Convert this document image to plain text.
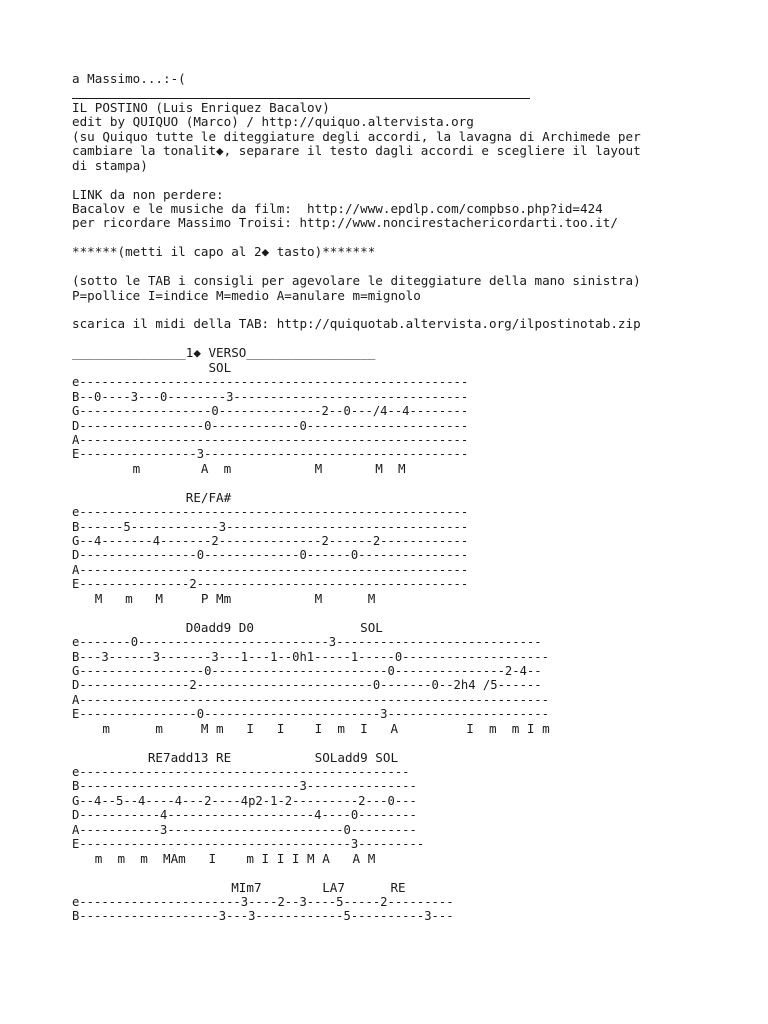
a Massimo...:-(
IL POSTINO (Luis Enriquez Bacalov)
edit by QUIQUO (Marco) / http://quiquo.altervista.org
(su Quiquo tutte le diteggiature degli accordi, la lavagna di Archimede per
cambiare la tonalit◆, separare il testo dagli accordi e scegliere il layout
di stampa)
LINK da non perdere:
Bacalov e le musiche da film:  http://www.epdlp.com/compbso.php?id=424
per ricordare Massimo Troisi: http://www.noncirestachericordarti.too.it/
******(metti il capo al 2◆ tasto)*******
(sotto le TAB i consigli per agevolare le diteggiature della mano sinistra)
P=pollice I=indice M=medio A=anulare m=mignolo
scarica il midi della TAB: http://quiquotab.altervista.org/ilpostinotab.zip
_______________1◆ VERSO_________________
SOL
e-----------------------------------------------------
B--0----3---0--------3--------------------------------
G------------------0--------------2--0---/4--4--------
D-----------------0------------0----------------------
A-----------------------------------------------------
E----------------3------------------------------------
m        A  m           M       M  M
RE/FA#
e-----------------------------------------------------
B------5------------3---------------------------------
G--4-------4-------2--------------2------2------------
D----------------0-------------0------0---------------
A-----------------------------------------------------
E---------------2-------------------------------------
M   m   M     P Mm           M      M
D0add9 D0              SOL
e-------0--------------------------3----------------------------
B---3------3-------3---1---1--0h1-----1-----0--------------------
G-----------------0------------------------0---------------2-4--
D---------------2------------------------0-------0--2h4 /5------
A----------------------------------------------------------------
E----------------0------------------------3----------------------
m      m     M m   I   I    I  m  I   A         I  m  m I m
RE7add13 RE           SOLadd9 SOL
e---------------------------------------------
B------------------------------3---------------
G--4--5--4----4---2----4p2-1-2---------2---0---
D-----------4--------------------4----0--------
A-----------3------------------------0---------
E-------------------------------------3---------
m  m  m  MAm   I    m I I I M A   A M
MIm7        LA7      RE
e----------------------3----2--3----5-----2---------
B-------------------3---3------------5----------3---
